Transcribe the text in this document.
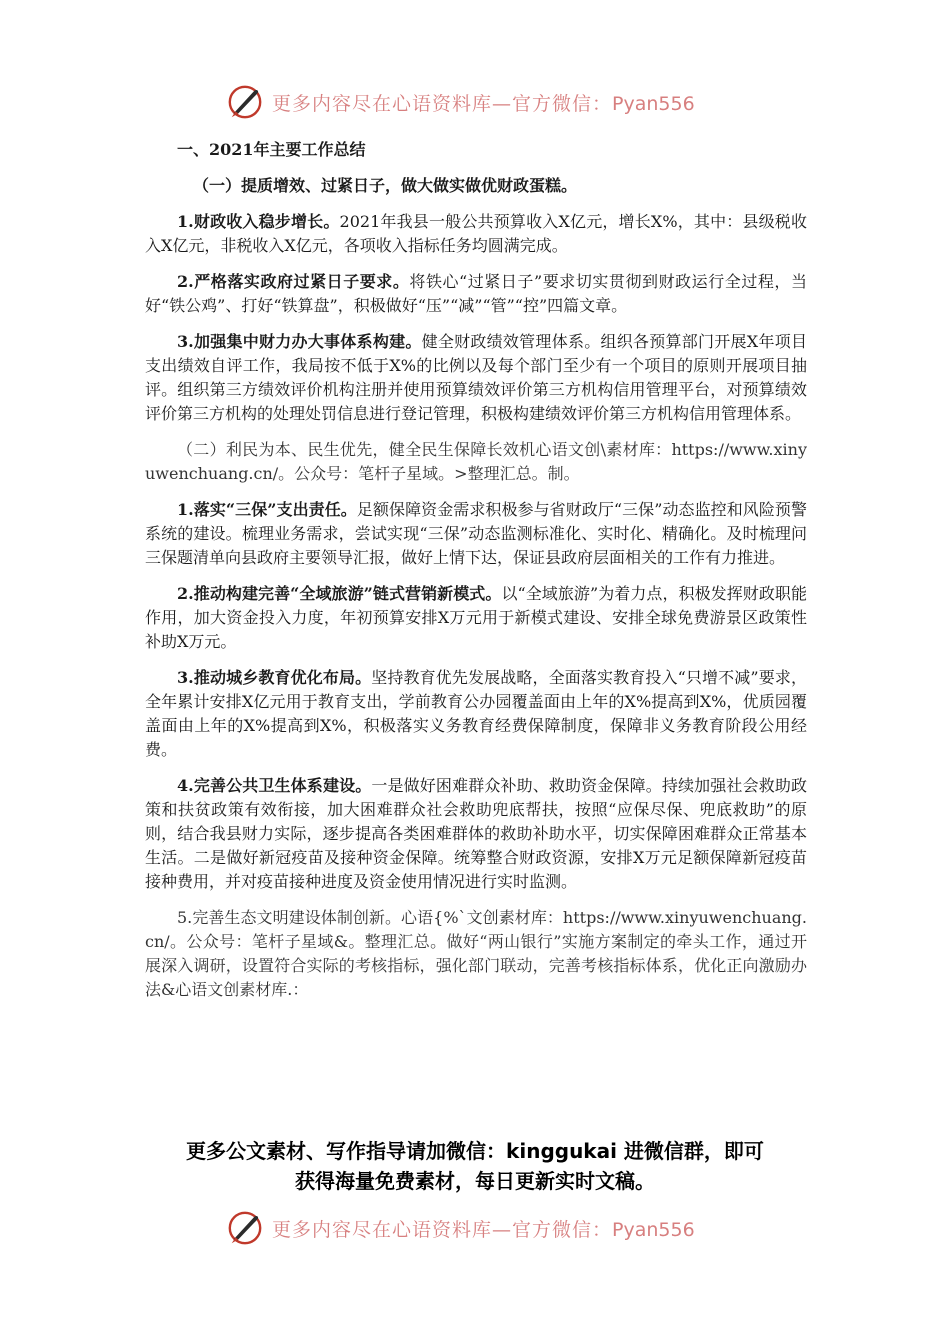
更多内容尽在心语资料库—官方微信：Pyan556

一、2021年主要工作总结

（一）提质增效、过紧日子，做大做实做优财政蛋糕。

1.财政收入稳步增长。2021年我县一般公共预算收入X亿元，增长X%，其中：县级税收入X亿元，非税收入X亿元，各项收入指标任务均圆满完成。

2.严格落实政府过紧日子要求。将铁心“过紧日子”要求切实贯彻到财政运行全过程，当好“铁公鸡”、打好“铁算盘”，积极做好“压”“减”“管”“控”四篇文章。

3.加强集中财力办大事体系构建。健全财政绩效管理体系。组织各预算部门开展X年项目支出绩效自评工作，我局按不低于X%的比例以及每个部门至少有一个项目的原则开展项目抽评。组织第三方绩效评价机构注册并使用预算绩效评价第三方机构信用管理平台，对预算绩效评价第三方机构的处理处罚信息进行登记管理，积极构建绩效评价第三方机构信用管理体系。

（二）利民为本、民生优先，健全民生保障长效机心语文创\素材库：https://www.xinyuwenchuang.cn/。公众号：笔杆子星域。>整理汇总。制。

1.落实“三保”支出责任。足额保障资金需求积极参与省财政厅“三保”动态监控和风险预警系统的建设。梳理业务需求，尝试实现“三保”动态监测标准化、实时化、精确化。及时梳理问三保题清单向县政府主要领导汇报，做好上情下达，保证县政府层面相关的工作有力推进。

2.推动构建完善“全域旅游”链式营销新模式。以“全域旅游”为着力点，积极发挥财政职能作用，加大资金投入力度，年初预算安排X万元用于新模式建设、安排全球免费游景区政策性补助X万元。

3.推动城乡教育优化布局。坚持教育优先发展战略，全面落实教育投入“只增不减”要求，全年累计安排X亿元用于教育支出，学前教育公办园覆盖面由上年的X%提高到X%，优质园覆盖面由上年的X%提高到X%，积极落实义务教育经费保障制度，保障非义务教育阶段公用经费。

4.完善公共卫生体系建设。一是做好困难群众补助、救助资金保障。持续加强社会救助政策和扶贫政策有效衔接，加大困难群众社会救助兜底帮扶，按照“应保尽保、兜底救助”的原则，结合我县财力实际，逐步提高各类困难群体的救助补助水平，切实保障困难群众正常基本生活。二是做好新冠疫苗及接种资金保障。统筹整合财政资源，安排X万元足额保障新冠疫苗接种费用，并对疫苗接种进度及资金使用情况进行实时监测。

5.完善生态文明建设体制创新。心语{%`文创素材库：https://www.xinyuwenchuang.cn/。公众号：笔杆子星域&。整理汇总。做好“两山银行”实施方案制定的牵头工作，通过开展深入调研，设置符合实际的考核指标，强化部门联动，完善考核指标体系，优化正向激励办法&心语文创素材库.：

更多公文素材、写作指导请加微信：kinggukai 进微信群，即可
获得海量免费素材，每日更新实时文稿。
更多内容尽在心语资料库—官方微信：Pyan556
